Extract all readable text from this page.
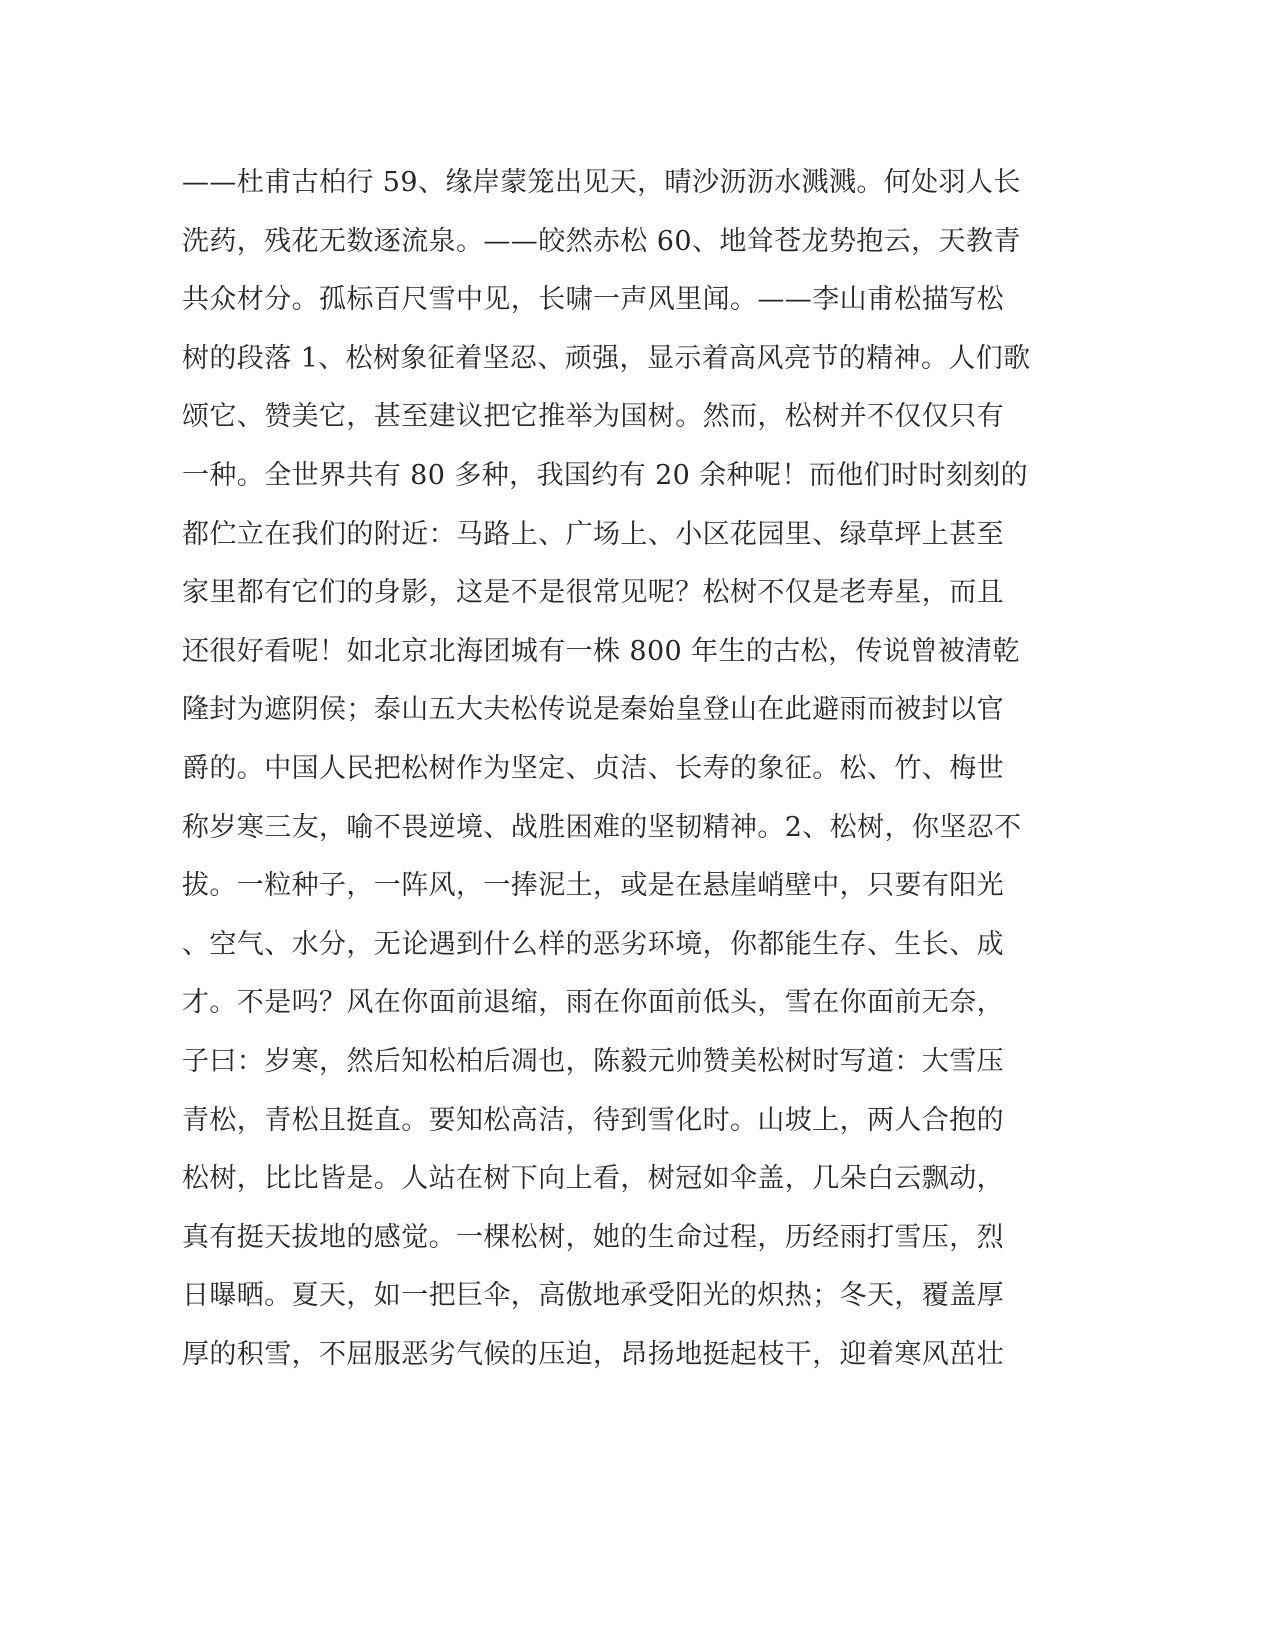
——杜甫古柏行 59、缘岸蒙笼出见天，晴沙沥沥水溅溅。何处羽人长
洗药，残花无数逐流泉。——皎然赤松 60、地耸苍龙势抱云，天教青
共众材分。孤标百尺雪中见，长啸一声风里闻。——李山甫松描写松
树的段落 1、松树象征着坚忍、顽强，显示着高风亮节的精神。人们歌
颂它、赞美它，甚至建议把它推举为国树。然而，松树并不仅仅只有
一种。全世界共有 80 多种，我国约有 20 余种呢！而他们时时刻刻的
都伫立在我们的附近：马路上、广场上、小区花园里、绿草坪上甚至
家里都有它们的身影，这是不是很常见呢？松树不仅是老寿星，而且
还很好看呢！如北京北海团城有一株 800 年生的古松，传说曾被清乾
隆封为遮阴侯；泰山五大夫松传说是秦始皇登山在此避雨而被封以官
爵的。中国人民把松树作为坚定、贞洁、长寿的象征。松、竹、梅世
称岁寒三友，喻不畏逆境、战胜困难的坚韧精神。2、松树，你坚忍不
拔。一粒种子，一阵风，一捧泥土，或是在悬崖峭壁中，只要有阳光
、空气、水分，无论遇到什么样的恶劣环境，你都能生存、生长、成
才。不是吗？风在你面前退缩，雨在你面前低头，雪在你面前无奈，
子曰：岁寒，然后知松柏后凋也，陈毅元帅赞美松树时写道：大雪压
青松，青松且挺直。要知松高洁，待到雪化时。山坡上，两人合抱的
松树，比比皆是。人站在树下向上看，树冠如伞盖，几朵白云飘动，
真有挺天拔地的感觉。一棵松树，她的生命过程，历经雨打雪压，烈
日曝晒。夏天，如一把巨伞，高傲地承受阳光的炽热；冬天，覆盖厚
厚的积雪，不屈服恶劣气候的压迫，昂扬地挺起枝干，迎着寒风茁壮
